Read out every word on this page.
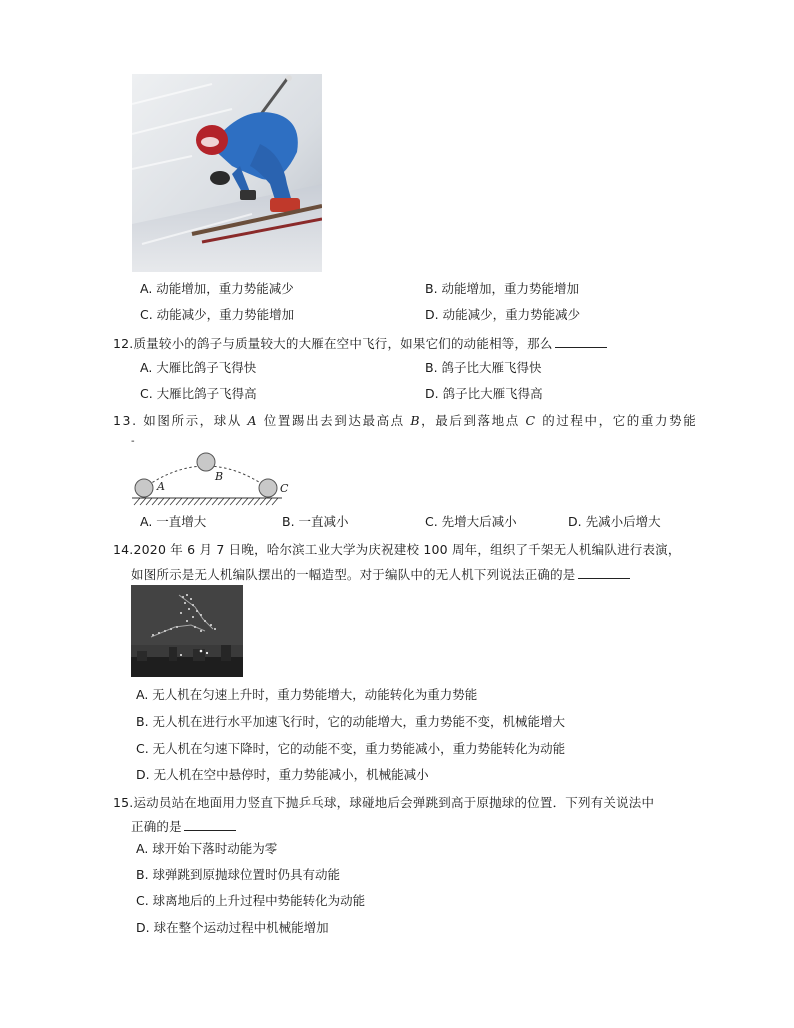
A. 动能增加，重力势能减少	B. 动能增加，重力势能增加
C. 动能减少，重力势能增加	D. 动能减少，重力势能减少
12.质量较小的鸽子与质量较大的大雁在空中飞行，如果它们的动能相等，那么
A. 大雁比鸽子飞得快	B. 鸽子比大雁飞得快
C. 大雁比鸽子飞得高	D. 鸽子比大雁飞得高
13. 如图所示，球从 A 位置踢出去到达最高点 B，最后到落地点 C 的过程中，它的重力势能
-
A
B
C
A. 一直增大	B. 一直减小	C. 先增大后减小	D. 先减小后增大
14.2020 年 6 月 7 日晚，哈尔滨工业大学为庆祝建校 100 周年，组织了千架无人机编队进行表演，
如图所示是无人机编队摆出的一幅造型。对于编队中的无人机下列说法正确的是
A. 无人机在匀速上升时，重力势能增大，动能转化为重力势能
B. 无人机在进行水平加速飞行时，它的动能增大，重力势能不变，机械能增大
C. 无人机在匀速下降时，它的动能不变，重力势能减小，重力势能转化为动能
D. 无人机在空中悬停时，重力势能减小，机械能减小
15.运动员站在地面用力竖直下抛乒乓球，球碰地后会弹跳到高于原抛球的位置．下列有关说法中
正确的是
A. 球开始下落时动能为零
B. 球弹跳到原抛球位置时仍具有动能
C. 球离地后的上升过程中势能转化为动能
D. 球在整个运动过程中机械能增加
